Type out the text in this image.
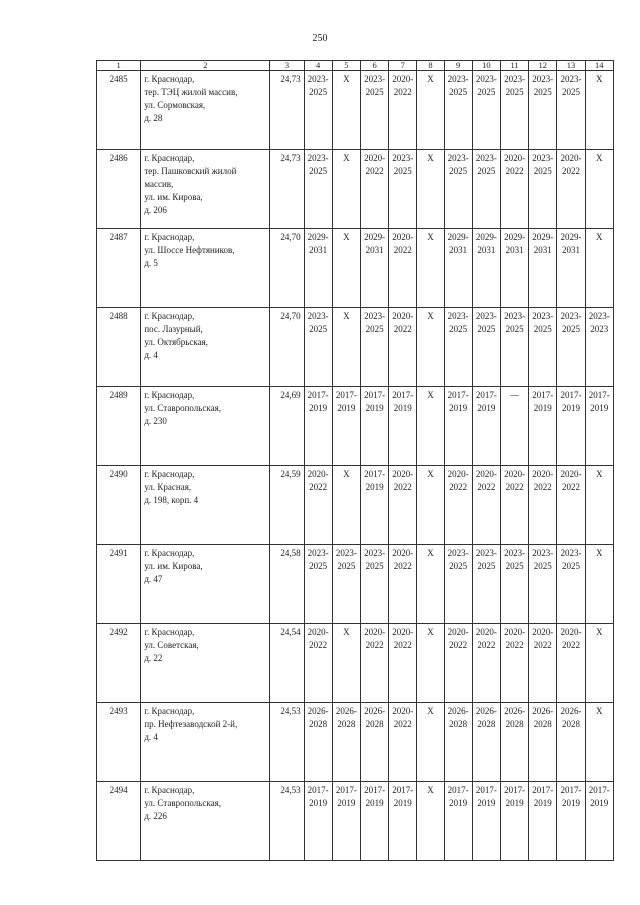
250
1	2	3	4	5	6	7	8	9	10	11	12	13	14
2485	г. Краснодар,
тер. ТЭЦ жилой массив,
ул. Сормовская,
д. 28	24,73	2023-
2025	X	2023-
2025	2020-
2022	X	2023-
2025	2023-
2025	2023-
2025	2023-
2025	2023-
2025	X

2486	г. Краснодар,
тер. Пашковский жилой
массив,
ул. им. Кирова,
д. 206	24,73	2023-
2025	X	2020-
2022	2023-
2025	X	2023-
2025	2023-
2025	2020-
2022	2023-
2025	2020-
2022	X

2487	г. Краснодар,
ул. Шоссе Нефтяников,
д. 5	24,70	2029-
2031	X	2029-
2031	2020-
2022	X	2029-
2031	2029-
2031	2029-
2031	2029-
2031	2029-
2031	X

2488	г. Краснодар,
пос. Лазурный,
ул. Октябрьская,
д. 4	24,70	2023-
2025	X	2023-
2025	2020-
2022	X	2023-
2025	2023-
2025	2023-
2025	2023-
2025	2023-
2025	2023-
2023

2489	г. Краснодар,
ул. Ставропольская,
д. 230	24,69	2017-
2019	2017-
2019	2017-
2019	2017-
2019	X	2017-
2019	2017-
2019	—	2017-
2019	2017-
2019	2017-
2019

2490	г. Краснодар,
ул. Красная,
д. 198, корп. 4	24,59	2020-
2022	X	2017-
2019	2020-
2022	X	2020-
2022	2020-
2022	2020-
2022	2020-
2022	2020-
2022	X

2491	г. Краснодар,
ул. им. Кирова,
д. 47	24,58	2023-
2025	2023-
2025	2023-
2025	2020-
2022	X	2023-
2025	2023-
2025	2023-
2025	2023-
2025	2023-
2025	X

2492	г. Краснодар,
ул. Советская,
д. 22	24,54	2020-
2022	X	2020-
2022	2020-
2022	X	2020-
2022	2020-
2022	2020-
2022	2020-
2022	2020-
2022	X

2493	г. Краснодар,
пр. Нефтезаводской 2-й,
д. 4	24,53	2026-
2028	2026-
2028	2026-
2028	2020-
2022	X	2026-
2028	2026-
2028	2026-
2028	2026-
2028	2026-
2028	X

2494	г. Краснодар,
ул. Ставропольская,
д. 226	24,53	2017-
2019	2017-
2019	2017-
2019	2017-
2019	X	2017-
2019	2017-
2019	2017-
2019	2017-
2019	2017-
2019	2017-
2019
